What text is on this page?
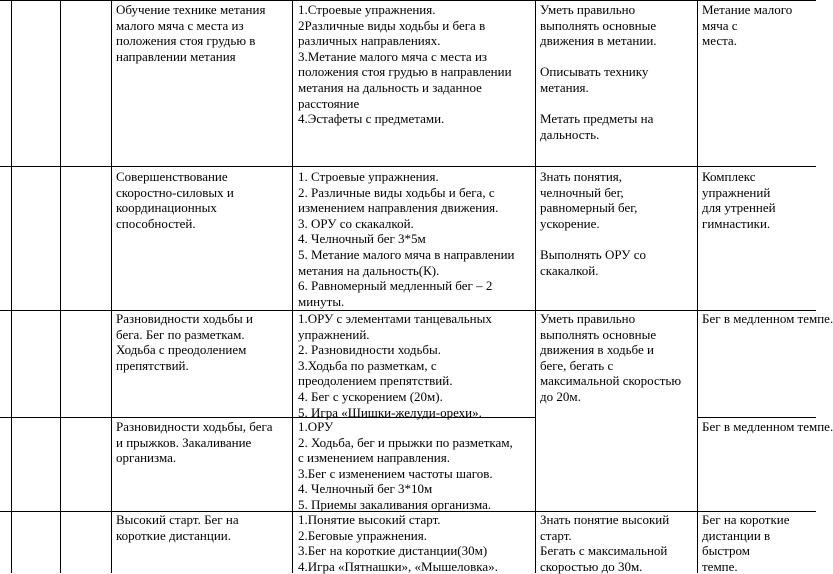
Обучение технике метания
малого мяча с места из
положения стоя грудью в
направлении метания
1.Строевые упражнения.
2Различные виды ходьбы и бега в
различных направлениях.
3.Метание малого мяча с места из
положения стоя грудью в направлении
метания на дальность и заданное
расстояние
4.Эстафеты с предметами.
Уметь правильно
выполнять основные
движения в метании.

Описывать технику
метания.

Метать предметы на
дальность.
Метание малого мяча с
места.
Совершенствование
скоростно-силовых и
координационных
способностей.
1. Строевые упражнения.
2. Различные виды ходьбы и бега, с
изменением направления движения.
3. ОРУ со скакалкой.
4. Челночный бег 3*5м
5. Метание малого мяча в направлении
метания на дальность(К).
6. Равномерный медленный бег – 2
минуты.
Знать понятия,
челночный бег,
равномерный бег,
ускорение.

Выполнять ОРУ со
скакалкой.
Комплекс упражнений
для утренней
гимнастики.
Разновидности ходьбы и
бега. Бег по разметкам.
Ходьба с преодолением
препятствий.
1.ОРУ с элементами танцевальных
упражнений.
2. Разновидности ходьбы.
3.Ходьба по разметкам, с
преодолением препятствий.
4. Бег с ускорением (20м).
5. Игра «Шишки-желуди-орехи».
Уметь правильно
выполнять основные
движения в ходьбе и
беге, бегать с
максимальной скоростью
до 20м.
Бег в медленном темпе.
Разновидности ходьбы, бега
и прыжков. Закаливание
организма.
1.ОРУ
2. Ходьба, бег и прыжки по разметкам,
с изменением направления.
3.Бег с изменением частоты шагов.
4. Челночный бег 3*10м
5. Приемы закаливания организма.
Бег в медленном темпе.
Высокий старт. Бег на
короткие дистанции.
1.Понятие высокий старт.
2.Беговые упражнения.
3.Бег на короткие дистанции(30м)
4.Игра «Пятнашки», «Мышеловка».
Знать понятие высокий
старт.
Бегать с максимальной
скоростью до 30м.
Бег на короткие
дистанции в быстром
темпе.
